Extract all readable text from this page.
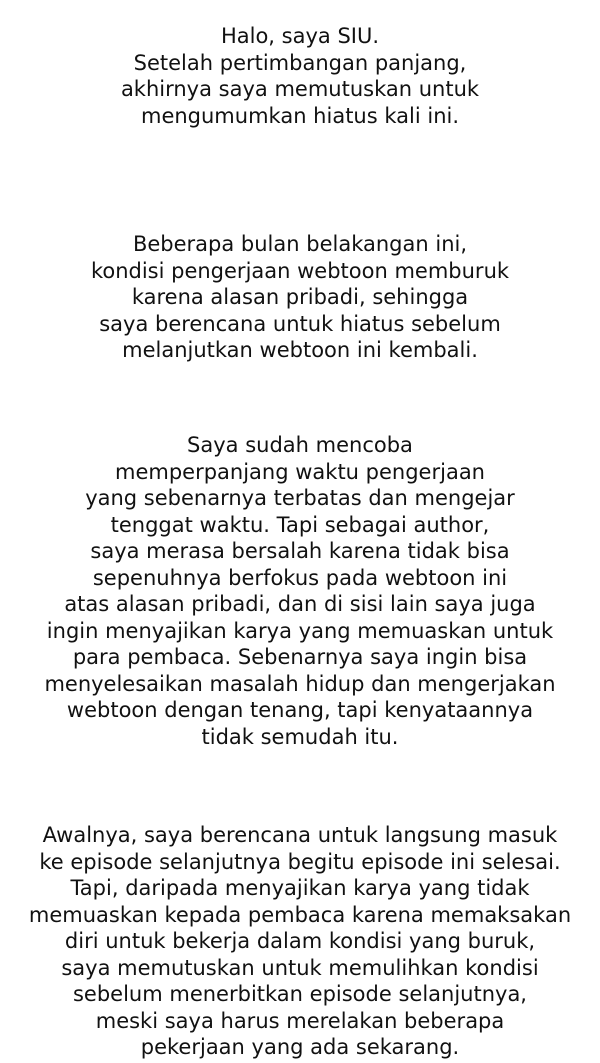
Halo, saya SIU.
Setelah pertimbangan panjang,
akhirnya saya memutuskan untuk
mengumumkan hiatus kali ini.

Beberapa bulan belakangan ini,
kondisi pengerjaan webtoon memburuk
karena alasan pribadi, sehingga
saya berencana untuk hiatus sebelum
melanjutkan webtoon ini kembali.

Saya sudah mencoba
memperpanjang waktu pengerjaan
yang sebenarnya terbatas dan mengejar
tenggat waktu. Tapi sebagai author,
saya merasa bersalah karena tidak bisa
sepenuhnya berfokus pada webtoon ini
atas alasan pribadi, dan di sisi lain saya juga
ingin menyajikan karya yang memuaskan untuk
para pembaca. Sebenarnya saya ingin bisa
menyelesaikan masalah hidup dan mengerjakan
webtoon dengan tenang, tapi kenyataannya
tidak semudah itu.

Awalnya, saya berencana untuk langsung masuk
ke episode selanjutnya begitu episode ini selesai.
Tapi, daripada menyajikan karya yang tidak
memuaskan kepada pembaca karena memaksakan
diri untuk bekerja dalam kondisi yang buruk,
saya memutuskan untuk memulihkan kondisi
sebelum menerbitkan episode selanjutnya,
meski saya harus merelakan beberapa
pekerjaan yang ada sekarang.
